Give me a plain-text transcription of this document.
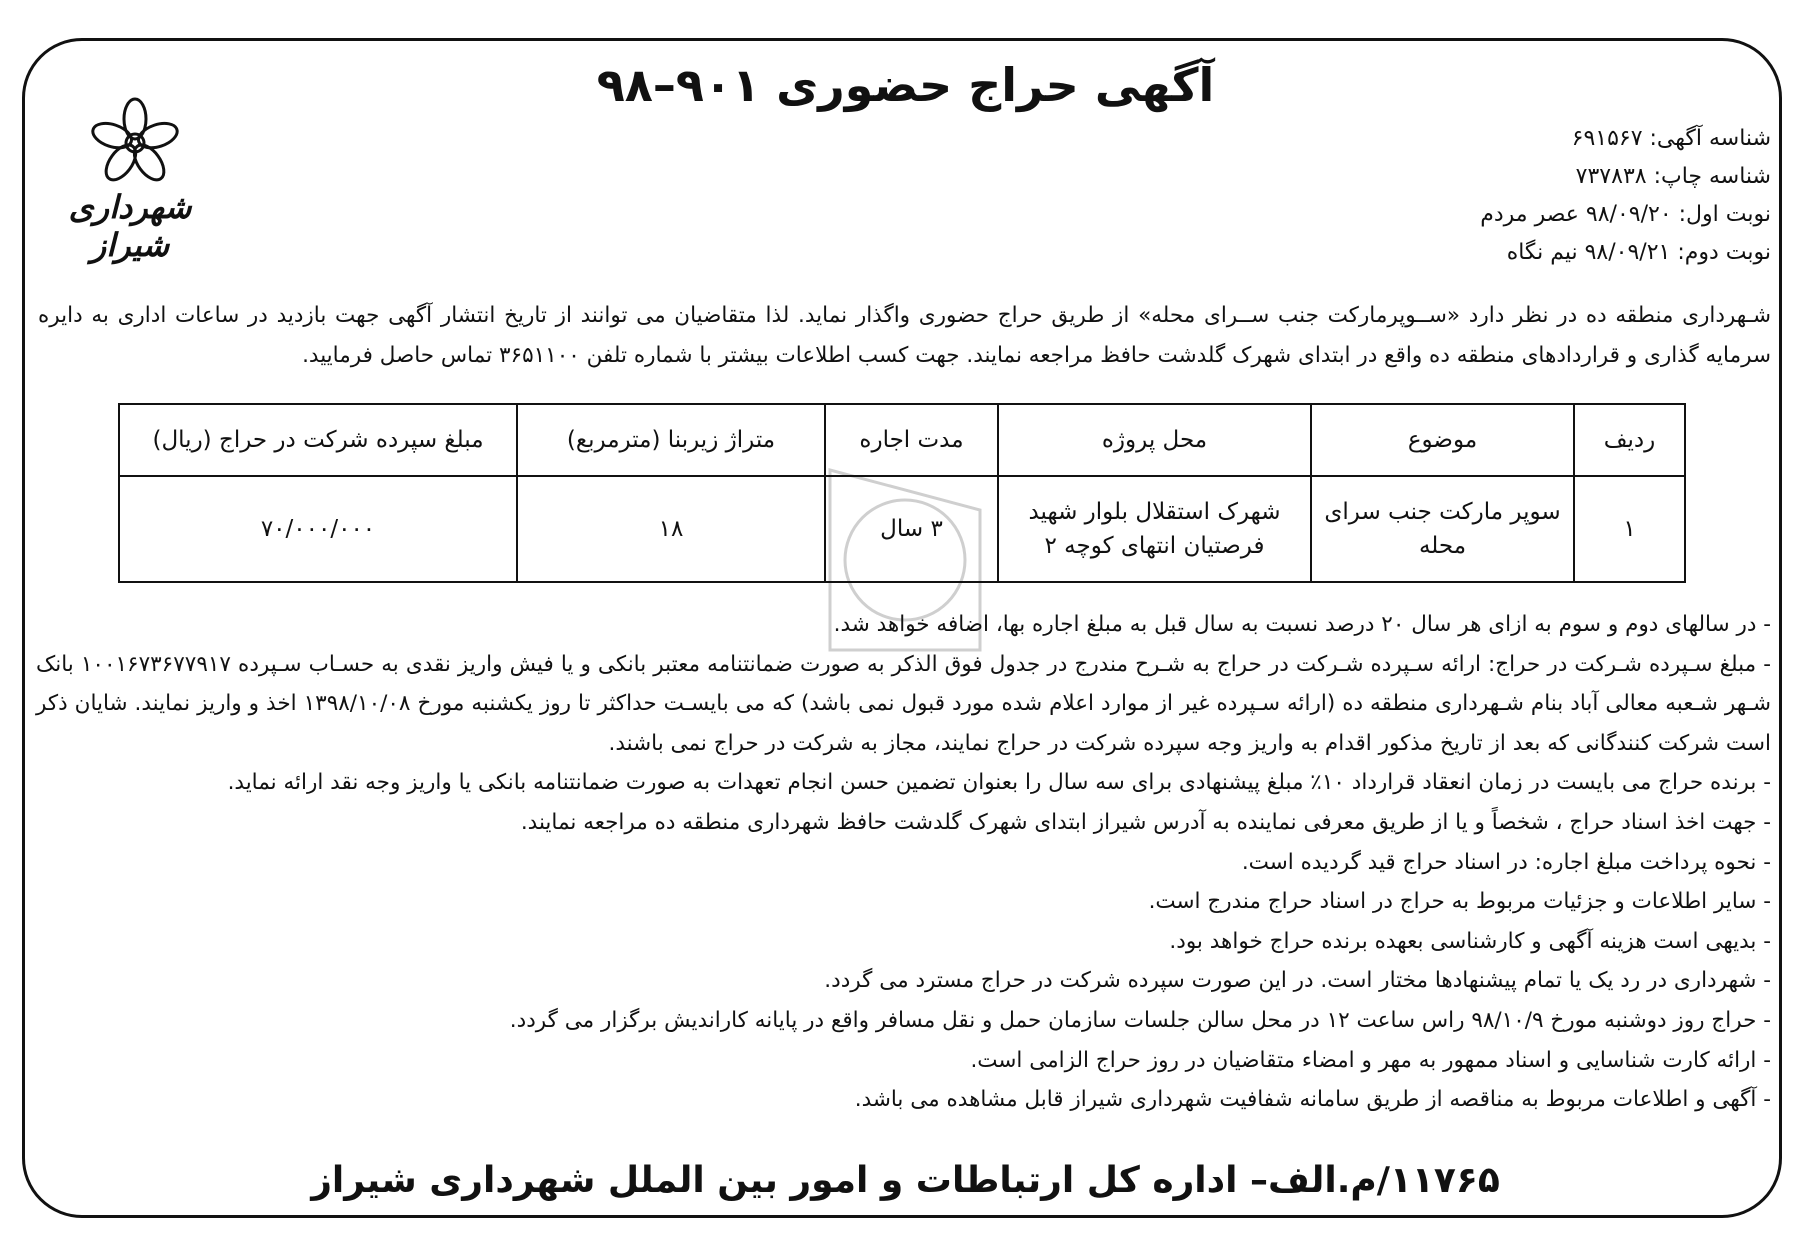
آگهی حراج حضوری ۹۰۱–۹۸
شناسه آگهی: ۶۹۱۵۶۷
شناسه چاپ: ۷۳۷۸۳۸
نوبت اول: ۹۸/۰۹/۲۰ عصر مردم
نوبت دوم: ۹۸/۰۹/۲۱ نیم نگاه
شهرداری شیراز
شـهرداری منطقه ده در نظر دارد «ســوپرمارکت جنب ســرای محله» از طریق حراج حضوری واگذار نماید. لذا متقاضیان می توانند از تاریخ انتشار آگهی جهت بازدید در ساعات اداری به دایره سرمایه گذاری و قراردادهای منطقه ده واقع در ابتدای شهرک گلدشت حافظ مراجعه نمایند. جهت کسب اطلاعات بیشتر با شماره تلفن ۳۶۵۱۱۰۰ تماس حاصل فرمایید.
ردیف	موضوع	محل پروژه	مدت اجاره	متراژ زیربنا (مترمربع)	مبلغ سپرده شرکت در حراج (ریال)
۱	سوپر مارکت جنب سرای محله	شهرک استقلال بلوار شهید فرصتیان انتهای کوچه ۲	۳ سال	۱۸	۷۰/۰۰۰/۰۰۰
- در سالهای دوم و سوم به ازای هر سال ۲۰ درصد نسبت به سال قبل به مبلغ اجاره بها، اضافه خواهد شد.
- مبلغ سـپرده شـرکت در حراج: ارائه سـپرده شـرکت در حراج به شـرح مندرج در جدول فوق الذکر به صورت ضمانتنامه معتبر بانکی و یا فیش واریز نقدی به حسـاب سـپرده ۱۰۰۱۶۷۳۶۷۷۹۱۷ بانک شـهر شـعبه معالی آباد بنام شـهرداری منطقه ده (ارائه سـپرده غیر از موارد اعلام شده مورد قبول نمی باشد) که می بایسـت حداکثر تا روز یکشنبه مورخ ۱۳۹۸/۱۰/۰۸ اخذ و واریز نمایند. شایان ذکر است شرکت کنندگانی که بعد از تاریخ مذکور اقدام به واریز وجه سپرده شرکت در حراج نمایند، مجاز به شرکت در حراج نمی باشند.
- برنده حراج می بایست در زمان انعقاد قرارداد ۱۰٪ مبلغ پیشنهادی برای سه سال را بعنوان تضمین حسن انجام تعهدات به صورت ضمانتنامه بانکی یا واریز وجه نقد ارائه نماید.
- جهت اخذ اسناد حراج ، شخصاً و یا از طریق معرفی نماینده به آدرس شیراز ابتدای شهرک گلدشت حافظ شهرداری منطقه ده مراجعه نمایند.
- نحوه پرداخت مبلغ اجاره: در اسناد حراج قید گردیده است.
- سایر اطلاعات و جزئیات مربوط به حراج در اسناد حراج مندرج است.
- بدیهی است هزینه آگهی و کارشناسی بعهده برنده حراج خواهد بود.
- شهرداری در رد یک یا تمام پیشنهادها مختار است. در این صورت سپرده شرکت در حراج مسترد می گردد.
- حراج روز دوشنبه مورخ ۹۸/۱۰/۹ راس ساعت ۱۲ در محل سالن جلسات سازمان حمل و نقل مسافر واقع در پایانه کاراندیش برگزار می گردد.
- ارائه کارت شناسایی و اسناد ممهور به مهر و امضاء متقاضیان در روز حراج الزامی است.
- آگهی و اطلاعات مربوط به مناقصه از طریق سامانه شفافیت شهرداری شیراز قابل مشاهده می باشد.
۱۱۷۶۵/م.الف– اداره کل ارتباطات و امور بین الملل شهرداری شیراز
